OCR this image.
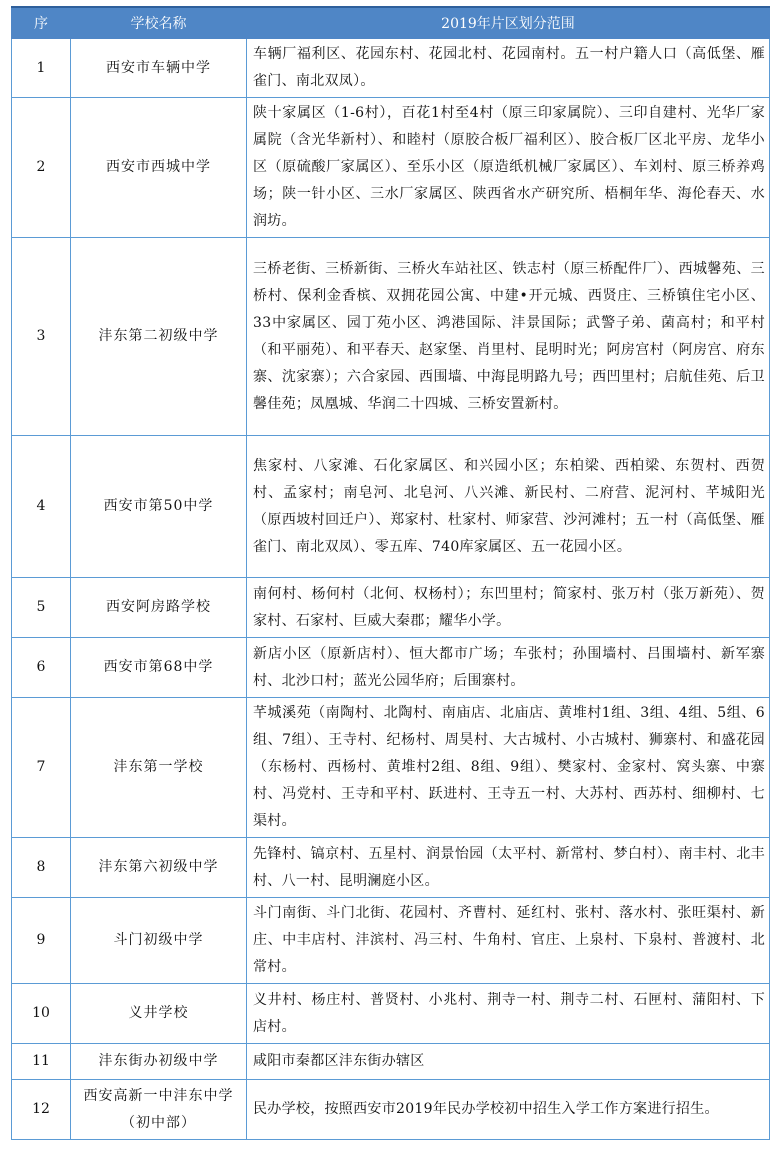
序	学校名称	2019年片区划分范围
1	西安市车辆中学	车辆厂福利区、花园东村、花园北村、花园南村。五一村户籍人口（高低堡、雁雀门、南北双凤）。
2	西安市西城中学	陕十家属区（1-6村），百花1村至4村（原三印家属院）、三印自建村、光华厂家属院（含光华新村）、和睦村（原胶合板厂福利区）、胶合板厂区北平房、龙华小区（原硫酸厂家属区）、至乐小区（原造纸机械厂家属区）、车刘村、原三桥养鸡场；陕一针小区、三水厂家属区、陕西省水产研究所、梧桐年华、海伦春天、水润坊。
3	沣东第二初级中学	三桥老街、三桥新街、三桥火车站社区、铁志村（原三桥配件厂）、西城馨苑、三桥村、保利金香槟、双拥花园公寓、中建•开元城、西贤庄、三桥镇住宅小区、33中家属区、园丁苑小区、鸿港国际、沣景国际；武警子弟、菌高村；和平村（和平丽苑）、和平春天、赵家堡、肖里村、昆明时光；阿房宫村（阿房宫、府东寨、沈家寨）；六合家园、西围墙、中海昆明路九号；西凹里村；启航佳苑、后卫馨佳苑；凤凰城、华润二十四城、三桥安置新村。
4	西安市第50中学	焦家村、八家滩、石化家属区、和兴园小区；东柏梁、西柏梁、东贺村、西贺村、孟家村；南皂河、北皂河、八兴滩、新民村、二府营、泥河村、芊城阳光（原西坡村回迁户）、郑家村、杜家村、师家营、沙河滩村；五一村（高低堡、雁雀门、南北双凤）、零五库、740库家属区、五一花园小区。
5	西安阿房路学校	南何村、杨何村（北何、权杨村）；东凹里村；简家村、张万村（张万新苑）、贺家村、石家村、巨威大秦郡；耀华小学。
6	西安市第68中学	新店小区（原新店村）、恒大都市广场；车张村；孙围墙村、吕围墙村、新军寨村、北沙口村；蓝光公园华府；后围寨村。
7	沣东第一学校	芊城溪苑（南陶村、北陶村、南庙店、北庙店、黄堆村1组、3组、4组、5组、6组、7组）、王寺村、纪杨村、周昊村、大古城村、小古城村、狮寨村、和盛花园（东杨村、西杨村、黄堆村2组、8组、9组）、樊家村、金家村、窝头寨、中寨村、冯党村、王寺和平村、跃进村、王寺五一村、大苏村、西苏村、细柳村、七渠村。
8	沣东第六初级中学	先锋村、镐京村、五星村、润景怡园（太平村、新常村、梦白村）、南丰村、北丰村、八一村、昆明澜庭小区。
9	斗门初级中学	斗门南街、斗门北街、花园村、齐曹村、延红村、张村、落水村、张旺渠村、新庄、中丰店村、沣滨村、冯三村、牛角村、官庄、上泉村、下泉村、普渡村、北常村。
10	义井学校	义井村、杨庄村、普贤村、小兆村、荆寺一村、荆寺二村、石匣村、蒲阳村、下店村。
11	沣东街办初级中学	咸阳市秦都区沣东街办辖区
12	西安高新一中沣东中学（初中部）	民办学校，按照西安市2019年民办学校初中招生入学工作方案进行招生。
